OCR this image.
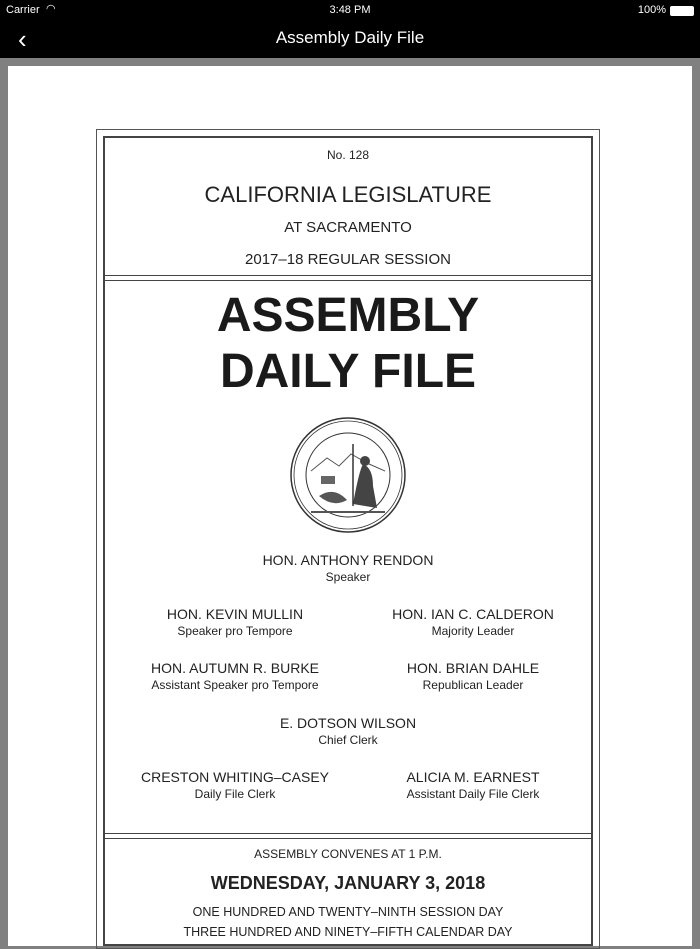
Carrier ◠	3:48 PM	100%
‹	Assembly Daily File
No. 128
CALIFORNIA LEGISLATURE
AT SACRAMENTO
2017–18 REGULAR SESSION
ASSEMBLY
DAILY FILE
HON. ANTHONY RENDON
Speaker
HON. KEVIN MULLIN
Speaker pro Tempore
HON. IAN C. CALDERON
Majority Leader
HON. AUTUMN R. BURKE
Assistant Speaker pro Tempore
HON. BRIAN DAHLE
Republican Leader
E. DOTSON WILSON
Chief Clerk
CRESTON WHITING–CASEY
Daily File Clerk
ALICIA M. EARNEST
Assistant Daily File Clerk
ASSEMBLY CONVENES AT 1 P.M.
WEDNESDAY, JANUARY 3, 2018
ONE HUNDRED AND TWENTY–NINTH SESSION DAY
THREE HUNDRED AND NINETY–FIFTH CALENDAR DAY
